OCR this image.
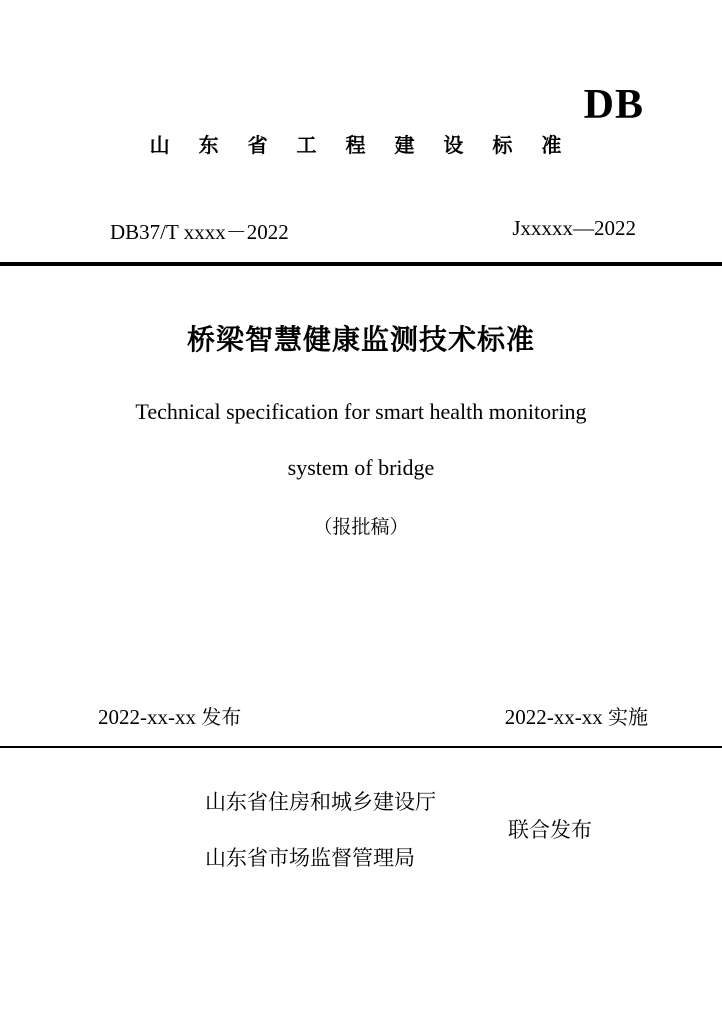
DB
山 东 省 工 程 建 设 标 准
DB37/T xxxx－2022	Jxxxxx—2022
桥梁智慧健康监测技术标准
Technical specification for smart health monitoring
system of bridge
（报批稿）
2022-xx-xx 发布	2022-xx-xx 实施
山东省住房和城乡建设厅
山东省市场监督管理局
联合发布
